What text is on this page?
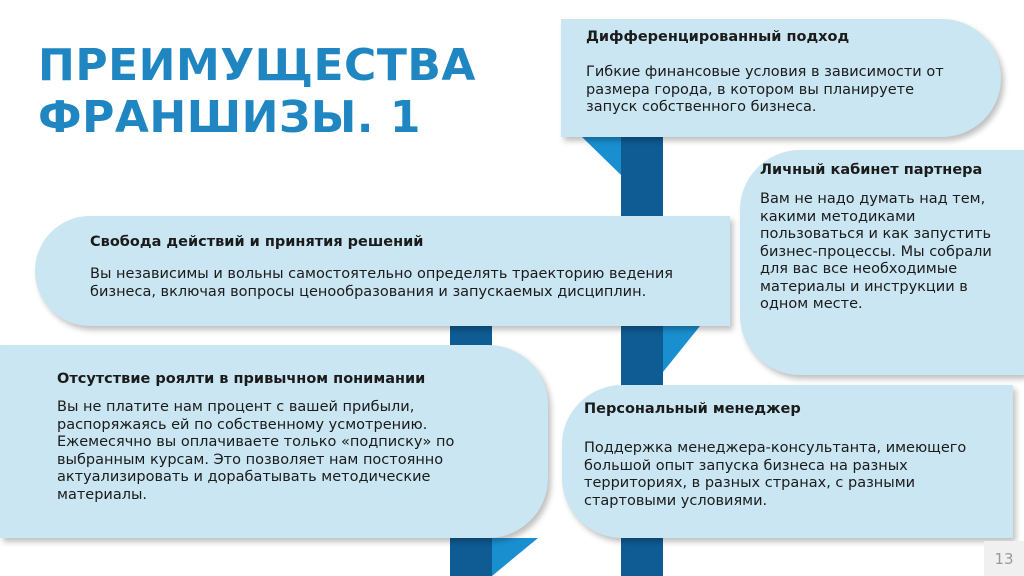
ПРЕИМУЩЕСТВА
ФРАНШИЗЫ. 1
Дифференцированный подход

Гибкие финансовые условия в зависимости от размера города, в котором вы планируете запуск собственного бизнеса.

Личный кабинет партнера

Вам не надо думать над тем, какими методиками пользоваться и как запустить бизнес-процессы. Мы собрали для вас все необходимые материалы и инструкции в одном месте.

Свобода действий и принятия решений

Вы независимы и вольны самостоятельно определять траекторию ведения бизнеса, включая вопросы ценообразования и запускаемых дисциплин.

Отсутствие роялти в привычном понимании

Вы не платите нам процент с вашей прибыли, распоряжаясь ей по собственному усмотрению. Ежемесячно вы оплачиваете только «подписку» по выбранным курсам. Это позволяет нам постоянно актуализировать и дорабатывать методические материалы.

Персональный менеджер

Поддержка менеджера-консультанта, имеющего большой опыт запуска бизнеса на разных территориях, в разных странах, с разными стартовыми условиями.

13
